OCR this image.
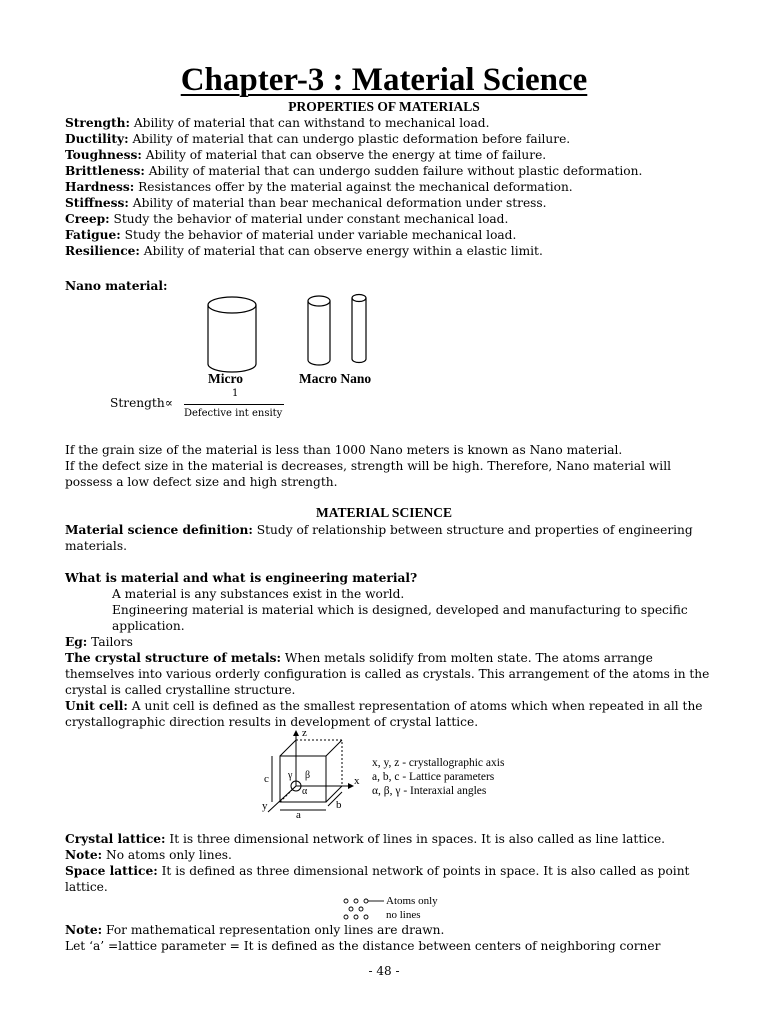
Chapter-3 : Material Science
PROPERTIES OF MATERIALS
Strength: Ability of material that can withstand to mechanical load.
Ductility: Ability of material that can undergo plastic deformation before failure.
Toughness: Ability of material that can observe the energy at time of failure.
Brittleness: Ability of material that can undergo sudden failure without plastic deformation.
Hardness: Resistances offer by the material against the mechanical deformation.
Stiffness: Ability of material than bear mechanical deformation under stress.
Creep: Study the behavior of material under constant mechanical load.
Fatigue: Study the behavior of material under variable mechanical load.
Resilience: Ability of material that can observe energy within a elastic limit.
Nano material:
Micro	Macro Nano
Strength∝
1
Defective int ensity
If the grain size of the material is less than 1000 Nano meters is known as Nano material.
If the defect size in the material is decreases, strength will be high. Therefore, Nano material will possess a low defect size and high strength.
MATERIAL SCIENCE
Material science definition: Study of relationship between structure and properties of engineering materials.
What is material and what is engineering material?
A material is any substances exist in the world.
Engineering material is material which is designed, developed and manufacturing to specific application.
Eg: Tailors
The crystal structure of metals: When metals solidify from molten state. The atoms arrange themselves into various orderly configuration is called as crystals. This arrangement of the atoms in the crystal is called crystalline structure.
Unit cell: A unit cell is defined as the smallest representation of atoms which when repeated in all the crystallographic direction results in development of crystal lattice.
z
x
y
c
a
b
γ β
α
x, y, z - crystallographic axis
a, b, c - Lattice parameters
α, β, γ - Interaxial angles
Crystal lattice: It is three dimensional network of lines in spaces. It is also called as line lattice.
Note: No atoms only lines.
Space lattice: It is defined as three dimensional network of points in space. It is also called as point lattice.
Atoms only
no lines
Note: For mathematical representation only lines are drawn.
Let ‘a’ =lattice parameter = It is defined as the distance between centers of neighboring corner
- 48 -
